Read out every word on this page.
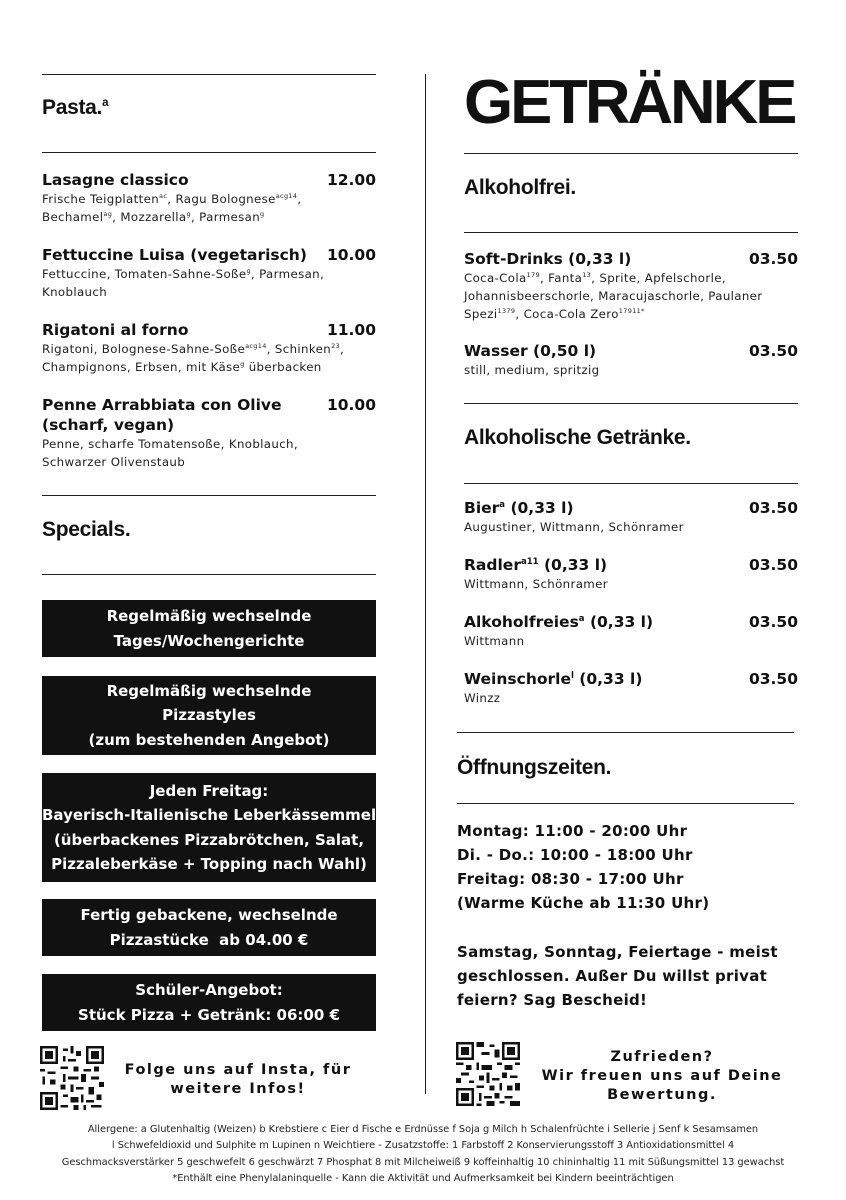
Pasta.$^a$
Lasagne classico	12.00
Frische Teigplatten$^{ac}$, Ragu Bolognese$^{acg14}$,
Bechamel$^{ag}$, Mozzarella$^g$, Parmesan$^g$
Fettuccine Luisa (vegetarisch) 10.00
Fettuccine, Tomaten-Sahne-Soße$^g$, Parmesan,
Knoblauch
Rigatoni al forno	11.00
Rigatoni, Bolognese-Sahne-Soße$^{acg14}$, Schinken$^{23}$,
Champignons, Erbsen, mit Käse$^g$ überbacken
Penne Arrabbiata con Olive
(scharf, vegan)
10.00
Penne, scharfe Tomatensoße, Knoblauch,
Schwarzer Olivenstaub
Specials.
Regelmäßig wechselnde
Tages/Wochengerichte
Regelmäßig wechselnde
Pizzastyles
(zum bestehenden Angebot)
Jeden Freitag:
Bayerisch-Italienische Leberkässemmeln
(überbackenes Pizzabrötchen, Salat,
Pizzaleberkäse + Topping nach Wahl)
Fertig gebackene, wechselnde
Pizzastücke  ab 04.00 €
Schüler-Angebot:
Stück Pizza + Getränk: 06:00 €
Folge uns auf Insta, für
weitere Infos!
GETRÄNKE
Alkoholfrei.
Soft-Drinks (0,33 l)	03.50
Coca-Cola$^{179}$, Fanta$^{13}$, Sprite, Apfelschorle,
Johannisbeerschorle, Maracujaschorle, Paulaner
Spezi$^{1379}$, Coca-Cola Zero$^{17911*}$
Wasser (0,50 l)	03.50
still, medium, spritzig
Alkoholische Getränke.
Bier$^a$ (0,33 l)	03.50
Augustiner, Wittmann, Schönramer
Radler$^{a11}$ (0,33 l)	03.50
Wittmann, Schönramer
Alkoholfreies$^a$ (0,33 l)	03.50
Wittmann
Weinschorle$^l$ (0,33 l)	03.50
Winzz
Öffnungszeiten.
Montag: 11:00 - 20:00 Uhr
Di. - Do.: 10:00 - 18:00 Uhr
Freitag: 08:30 - 17:00 Uhr
(Warme Küche ab 11:30 Uhr)
Samstag, Sonntag, Feiertage - meist
geschlossen. Außer Du willst privat
feiern? Sag Bescheid!
Zufrieden?
Wir freuen uns auf Deine
Bewertung.
Allergene: a Glutenhaltig (Weizen) b Krebstiere c Eier d Fische e Erdnüsse f Soja g Milch h Schalenfrüchte i Sellerie j Senf k Sesamsamen
l Schwefeldioxid und Sulphite m Lupinen n Weichtiere - Zusatzstoffe: 1 Farbstoff 2 Konservierungsstoff 3 Antioxidationsmittel 4
Geschmacksverstärker 5 geschwefelt 6 geschwärzt 7 Phosphat 8 mit Milcheiweiß 9 koffeinhaltig 10 chininhaltig 11 mit Süßungsmittel 13 gewachst
*Enthält eine Phenylalaninquelle - Kann die Aktivität und Aufmerksamkeit bei Kindern beeinträchtigen
